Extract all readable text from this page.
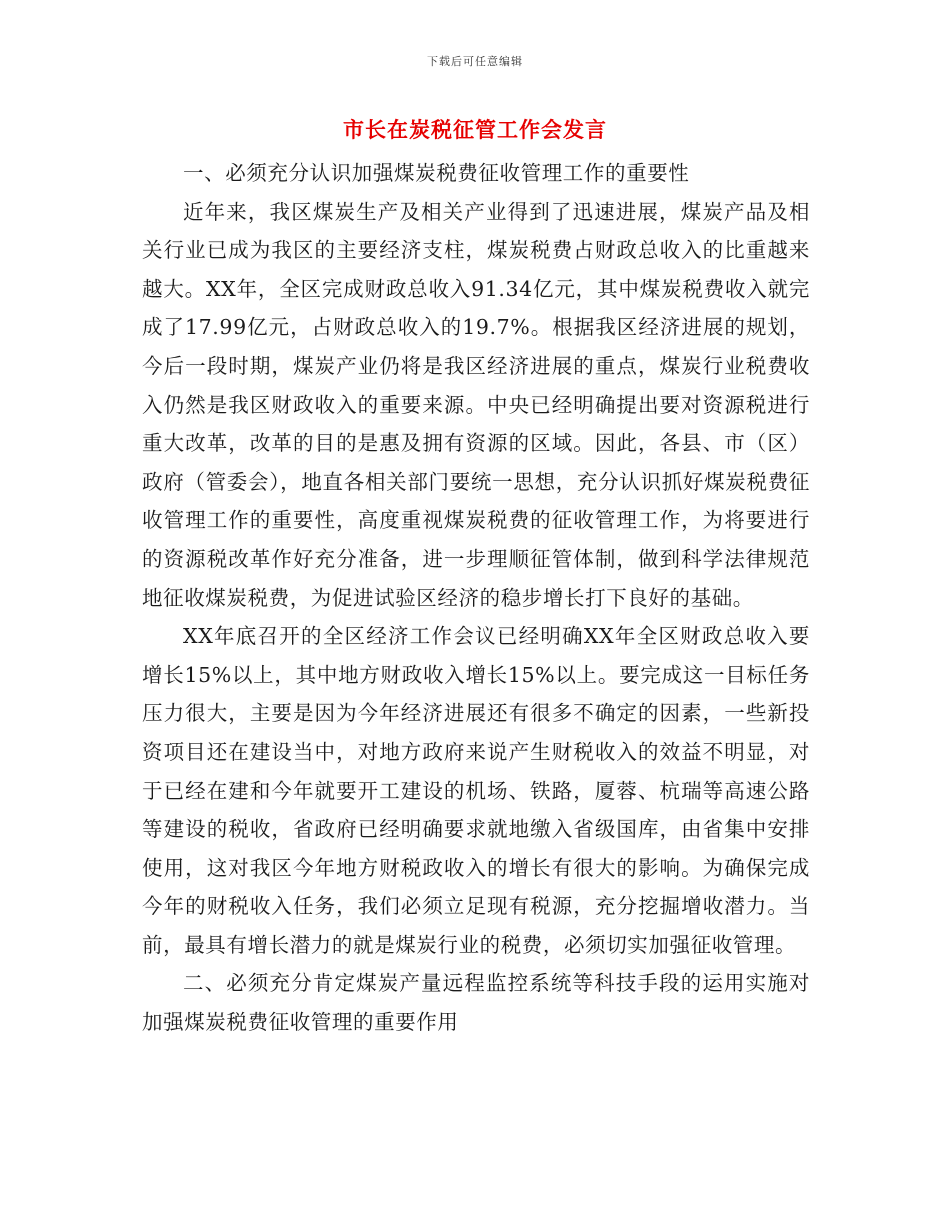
下载后可任意编辑
市长在炭税征管工作会发言

一、必须充分认识加强煤炭税费征收管理工作的重要性

近年来，我区煤炭生产及相关产业得到了迅速进展，煤炭产品及相关行业已成为我区的主要经济支柱，煤炭税费占财政总收入的比重越来越大。XX年，全区完成财政总收入91.34亿元，其中煤炭税费收入就完成了17.99亿元，占财政总收入的19.7%。根据我区经济进展的规划，今后一段时期，煤炭产业仍将是我区经济进展的重点，煤炭行业税费收入仍然是我区财政收入的重要来源。中央已经明确提出要对资源税进行重大改革，改革的目的是惠及拥有资源的区域。因此，各县、市（区）政府（管委会），地直各相关部门要统一思想，充分认识抓好煤炭税费征收管理工作的重要性，高度重视煤炭税费的征收管理工作，为将要进行的资源税改革作好充分准备，进一步理顺征管体制，做到科学法律规范地征收煤炭税费，为促进试验区经济的稳步增长打下良好的基础。

XX年底召开的全区经济工作会议已经明确XX年全区财政总收入要增长15%以上，其中地方财政收入增长15%以上。要完成这一目标任务压力很大，主要是因为今年经济进展还有很多不确定的因素，一些新投资项目还在建设当中，对地方政府来说产生财税收入的效益不明显，对于已经在建和今年就要开工建设的机场、铁路，厦蓉、杭瑞等高速公路等建设的税收，省政府已经明确要求就地缴入省级国库，由省集中安排使用，这对我区今年地方财税政收入的增长有很大的影响。为确保完成今年的财税收入任务，我们必须立足现有税源，充分挖掘增收潜力。当前，最具有增长潜力的就是煤炭行业的税费，必须切实加强征收管理。

二、必须充分肯定煤炭产量远程监控系统等科技手段的运用实施对加强煤炭税费征收管理的重要作用
